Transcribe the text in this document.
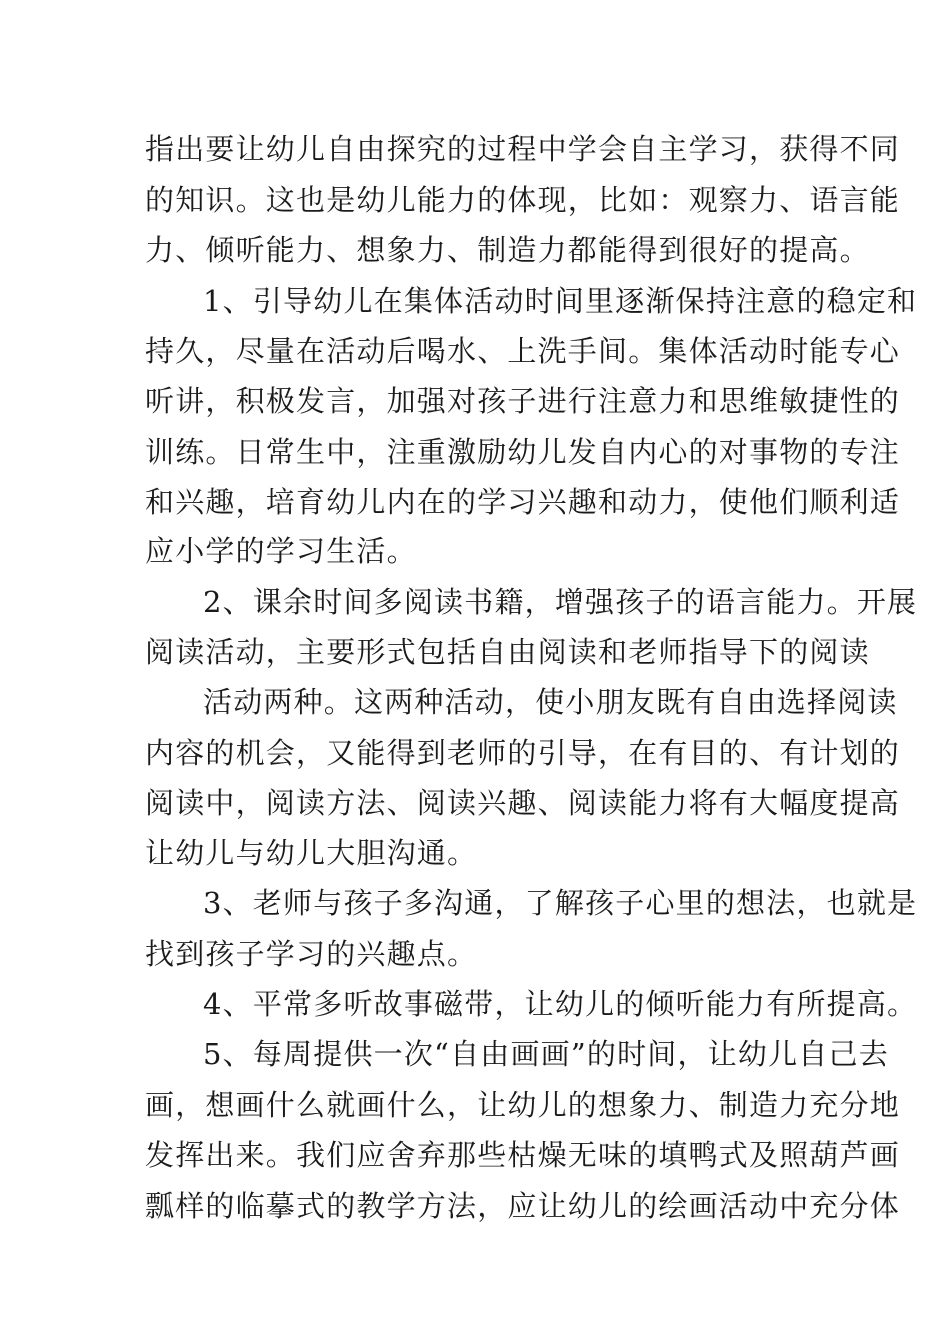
指出要让幼儿自由探究的过程中学会自主学习，获得不同
的知识。这也是幼儿能力的体现，比如：观察力、语言能
力、倾听能力、想象力、制造力都能得到很好的提高。
1、引导幼儿在集体活动时间里逐渐保持注意的稳定和
持久，尽量在活动后喝水、上洗手间。集体活动时能专心
听讲，积极发言，加强对孩子进行注意力和思维敏捷性的
训练。日常生中，注重激励幼儿发自内心的对事物的专注
和兴趣，培育幼儿内在的学习兴趣和动力，使他们顺利适
应小学的学习生活。
2、课余时间多阅读书籍，增强孩子的语言能力。开展
阅读活动，主要形式包括自由阅读和老师指导下的阅读
活动两种。这两种活动，使小朋友既有自由选择阅读
内容的机会，又能得到老师的引导，在有目的、有计划的
阅读中，阅读方法、阅读兴趣、阅读能力将有大幅度提高
让幼儿与幼儿大胆沟通。
3、老师与孩子多沟通，了解孩子心里的想法，也就是
找到孩子学习的兴趣点。
4、平常多听故事磁带，让幼儿的倾听能力有所提高。
5、每周提供一次“自由画画”的时间，让幼儿自己去
画，想画什么就画什么，让幼儿的想象力、制造力充分地
发挥出来。我们应舍弃那些枯燥无味的填鸭式及照葫芦画
瓢样的临摹式的教学方法，应让幼儿的绘画活动中充分体
